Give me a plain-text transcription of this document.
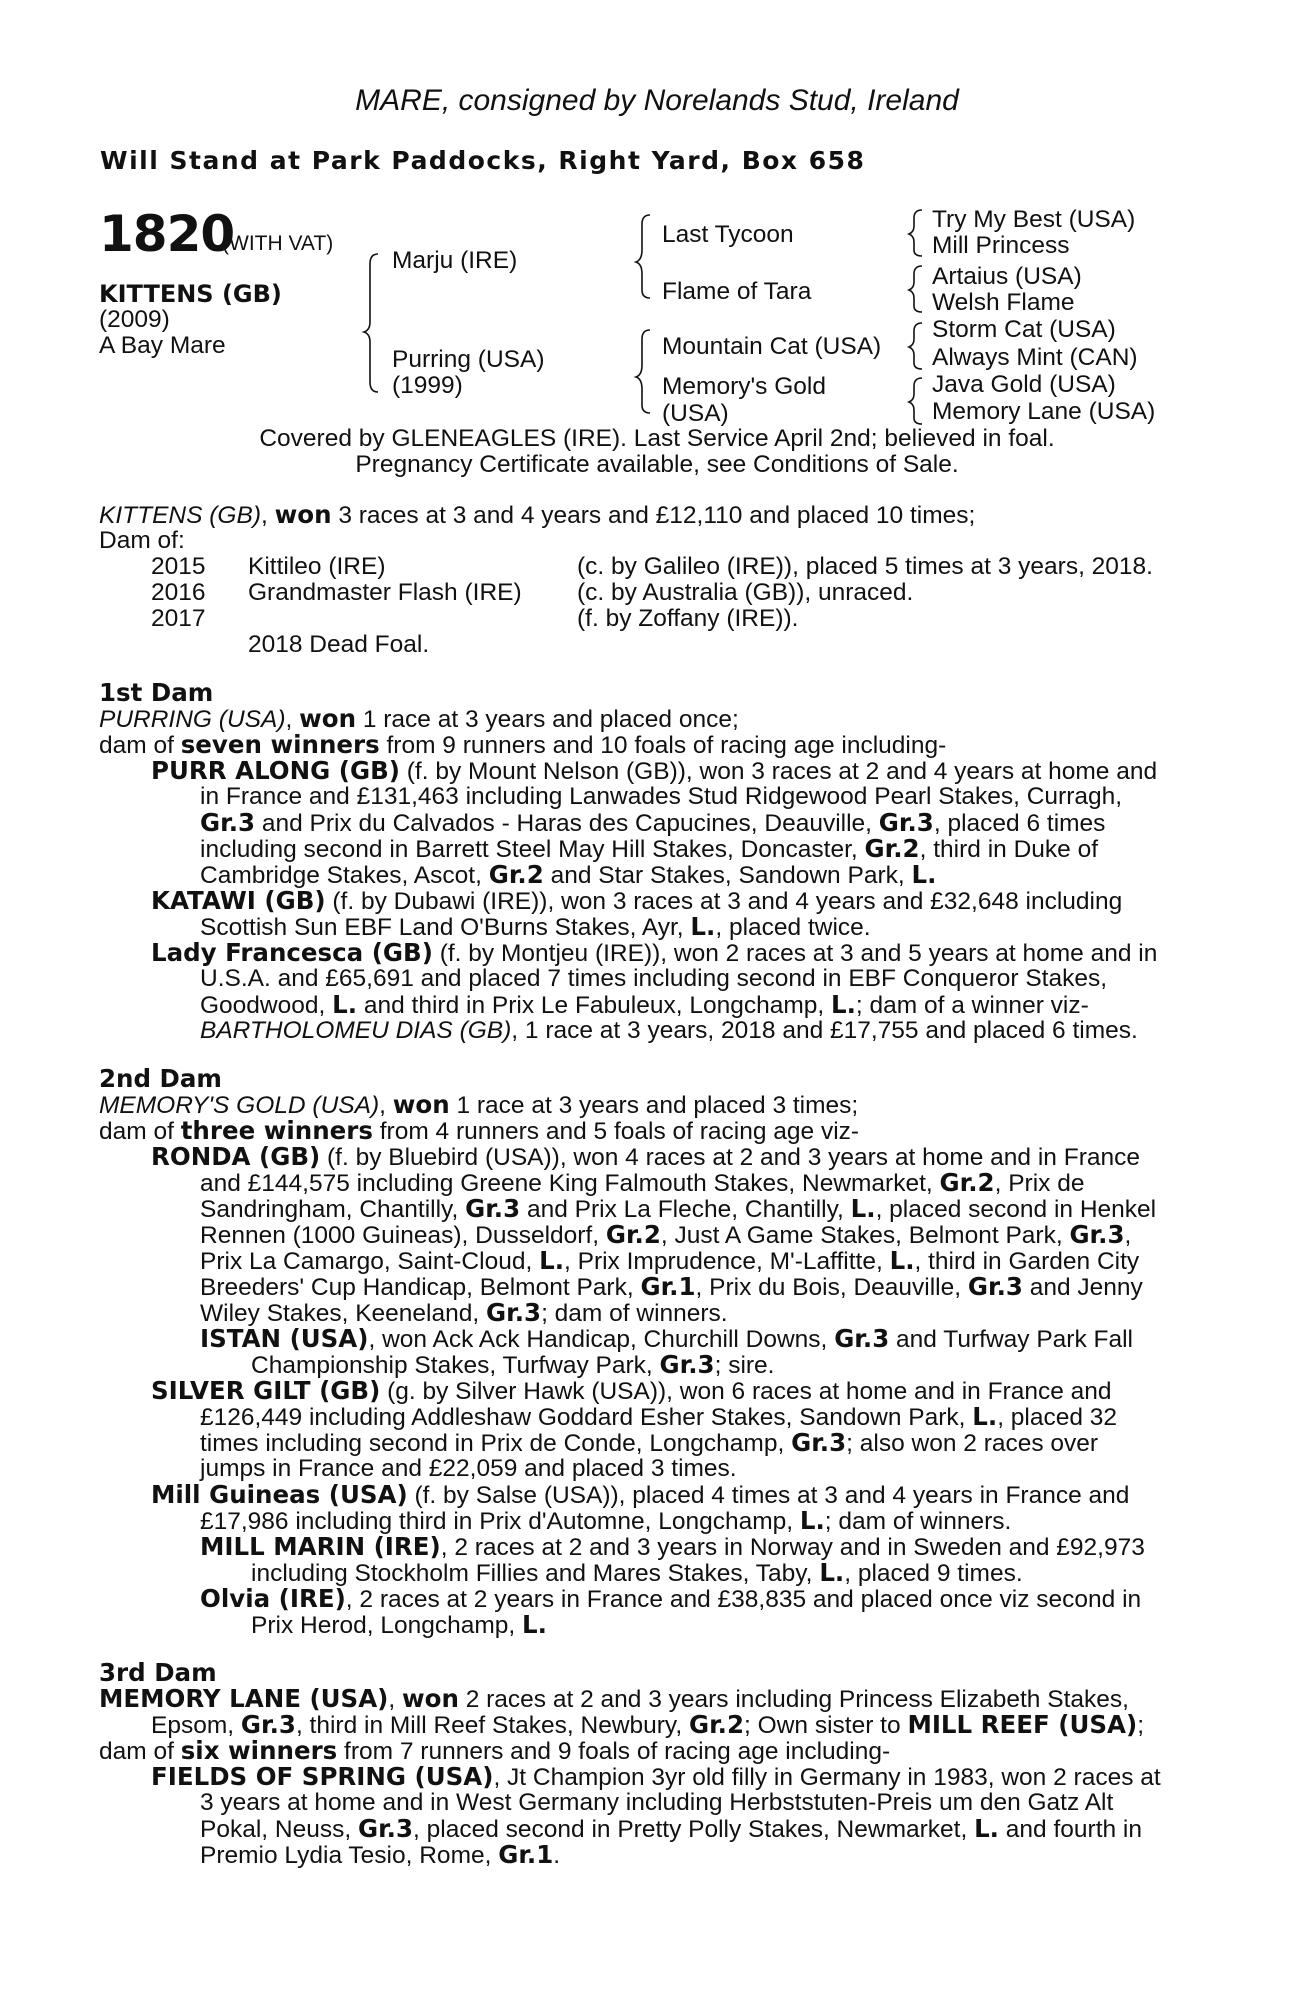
MARE, consigned by Norelands Stud, Ireland
Will Stand at Park Paddocks, Right Yard, Box 658
1820
(WITH VAT)
KITTENS (GB)
(2009)
A Bay Mare
Marju (IRE)
Purring (USA)
(1999)
Last Tycoon
Flame of Tara
Mountain Cat (USA)
Memory's Gold
(USA)
Try My Best (USA)
Mill Princess
Artaius (USA)
Welsh Flame
Storm Cat (USA)
Always Mint (CAN)
Java Gold (USA)
Memory Lane (USA)
Covered by GLENEAGLES (IRE). Last Service April 2nd; believed in foal.
Pregnancy Certificate available, see Conditions of Sale.
KITTENS (GB), won 3 races at 3 and 4 years and £12,110 and placed 10 times;
Dam of:
2015 Kittileo (IRE)	(c. by Galileo (IRE)), placed 5 times at 3 years, 2018.
2016 Grandmaster Flash (IRE) (c. by Australia (GB)), unraced.
2017	(f. by Zoffany (IRE)).
2018 Dead Foal.
1st Dam
PURRING (USA), won 1 race at 3 years and placed once;
dam of seven winners from 9 runners and 10 foals of racing age including-
PURR ALONG (GB) (f. by Mount Nelson (GB)), won 3 races at 2 and 4 years at home and
in France and £131,463 including Lanwades Stud Ridgewood Pearl Stakes, Curragh,
Gr.3 and Prix du Calvados - Haras des Capucines, Deauville, Gr.3, placed 6 times
including second in Barrett Steel May Hill Stakes, Doncaster, Gr.2, third in Duke of
Cambridge Stakes, Ascot, Gr.2 and Star Stakes, Sandown Park, L.
KATAWI (GB) (f. by Dubawi (IRE)), won 3 races at 3 and 4 years and £32,648 including
Scottish Sun EBF Land O'Burns Stakes, Ayr, L., placed twice.
Lady Francesca (GB) (f. by Montjeu (IRE)), won 2 races at 3 and 5 years at home and in
U.S.A. and £65,691 and placed 7 times including second in EBF Conqueror Stakes,
Goodwood, L. and third in Prix Le Fabuleux, Longchamp, L.; dam of a winner viz-
BARTHOLOMEU DIAS (GB), 1 race at 3 years, 2018 and £17,755 and placed 6 times.
2nd Dam
MEMORY'S GOLD (USA), won 1 race at 3 years and placed 3 times;
dam of three winners from 4 runners and 5 foals of racing age viz-
RONDA (GB) (f. by Bluebird (USA)), won 4 races at 2 and 3 years at home and in France
and £144,575 including Greene King Falmouth Stakes, Newmarket, Gr.2, Prix de
Sandringham, Chantilly, Gr.3 and Prix La Fleche, Chantilly, L., placed second in Henkel
Rennen (1000 Guineas), Dusseldorf, Gr.2, Just A Game Stakes, Belmont Park, Gr.3,
Prix La Camargo, Saint-Cloud, L., Prix Imprudence, M'-Laffitte, L., third in Garden City
Breeders' Cup Handicap, Belmont Park, Gr.1, Prix du Bois, Deauville, Gr.3 and Jenny
Wiley Stakes, Keeneland, Gr.3; dam of winners.
ISTAN (USA), won Ack Ack Handicap, Churchill Downs, Gr.3 and Turfway Park Fall
Championship Stakes, Turfway Park, Gr.3; sire.
SILVER GILT (GB) (g. by Silver Hawk (USA)), won 6 races at home and in France and
£126,449 including Addleshaw Goddard Esher Stakes, Sandown Park, L., placed 32
times including second in Prix de Conde, Longchamp, Gr.3; also won 2 races over
jumps in France and £22,059 and placed 3 times.
Mill Guineas (USA) (f. by Salse (USA)), placed 4 times at 3 and 4 years in France and
£17,986 including third in Prix d'Automne, Longchamp, L.; dam of winners.
MILL MARIN (IRE), 2 races at 2 and 3 years in Norway and in Sweden and £92,973
including Stockholm Fillies and Mares Stakes, Taby, L., placed 9 times.
Olvia (IRE), 2 races at 2 years in France and £38,835 and placed once viz second in
Prix Herod, Longchamp, L.
3rd Dam
MEMORY LANE (USA), won 2 races at 2 and 3 years including Princess Elizabeth Stakes,
Epsom, Gr.3, third in Mill Reef Stakes, Newbury, Gr.2; Own sister to MILL REEF (USA);
dam of six winners from 7 runners and 9 foals of racing age including-
FIELDS OF SPRING (USA), Jt Champion 3yr old filly in Germany in 1983, won 2 races at
3 years at home and in West Germany including Herbststuten-Preis um den Gatz Alt
Pokal, Neuss, Gr.3, placed second in Pretty Polly Stakes, Newmarket, L. and fourth in
Premio Lydia Tesio, Rome, Gr.1.
